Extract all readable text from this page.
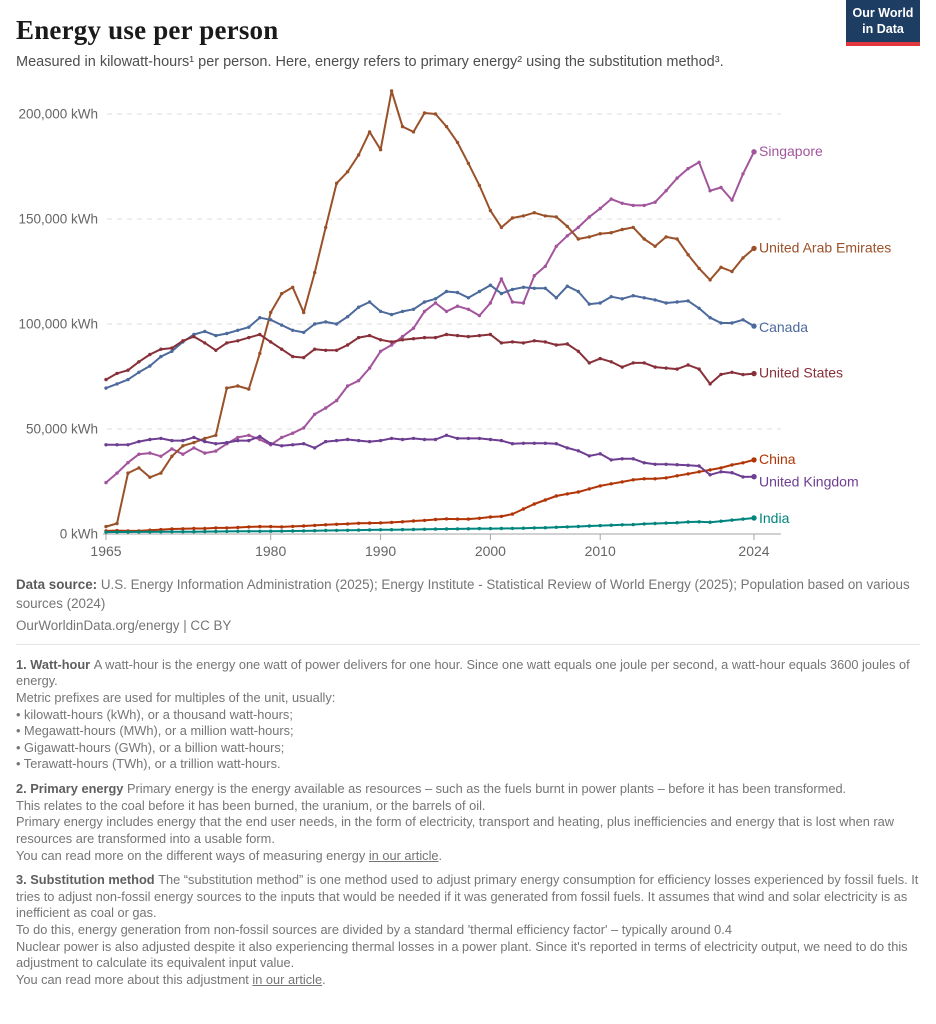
Energy use per person
Measured in kilowatt-hours¹ per person. Here, energy refers to primary energy² using the substitution method³.
Our World
in Data
0 kWh
50,000 kWh
100,000 kWh
150,000 kWh
200,000 kWh
1965	1980	1990	2000	2010	2024
Singapore
United Arab Emirates
Canada
United States
China
United Kingdom
India
Data source: U.S. Energy Information Administration (2025); Energy Institute - Statistical Review of World Energy (2025); Population based on various sources (2024)
OurWorldinData.org/energy | CC BY
1. Watt-hour A watt-hour is the energy one watt of power delivers for one hour. Since one watt equals one joule per second, a watt-hour equals 3600 joules of energy.
Metric prefixes are used for multiples of the unit, usually:
• kilowatt-hours (kWh), or a thousand watt-hours;
• Megawatt-hours (MWh), or a million watt-hours;
• Gigawatt-hours (GWh), or a billion watt-hours;
• Terawatt-hours (TWh), or a trillion watt-hours.
2. Primary energy Primary energy is the energy available as resources – such as the fuels burnt in power plants – before it has been transformed.
This relates to the coal before it has been burned, the uranium, or the barrels of oil.
Primary energy includes energy that the end user needs, in the form of electricity, transport and heating, plus inefficiencies and energy that is lost when raw resources are transformed into a usable form.
You can read more on the different ways of measuring energy in our article.
3. Substitution method The “substitution method” is one method used to adjust primary energy consumption for efficiency losses experienced by fossil fuels. It tries to adjust non-fossil energy sources to the inputs that would be needed if it was generated from fossil fuels. It assumes that wind and solar electricity is as inefficient as coal or gas.
To do this, energy generation from non-fossil sources are divided by a standard 'thermal efficiency factor' – typically around 0.4
Nuclear power is also adjusted despite it also experiencing thermal losses in a power plant. Since it's reported in terms of electricity output, we need to do this adjustment to calculate its equivalent input value.
You can read more about this adjustment in our article.
